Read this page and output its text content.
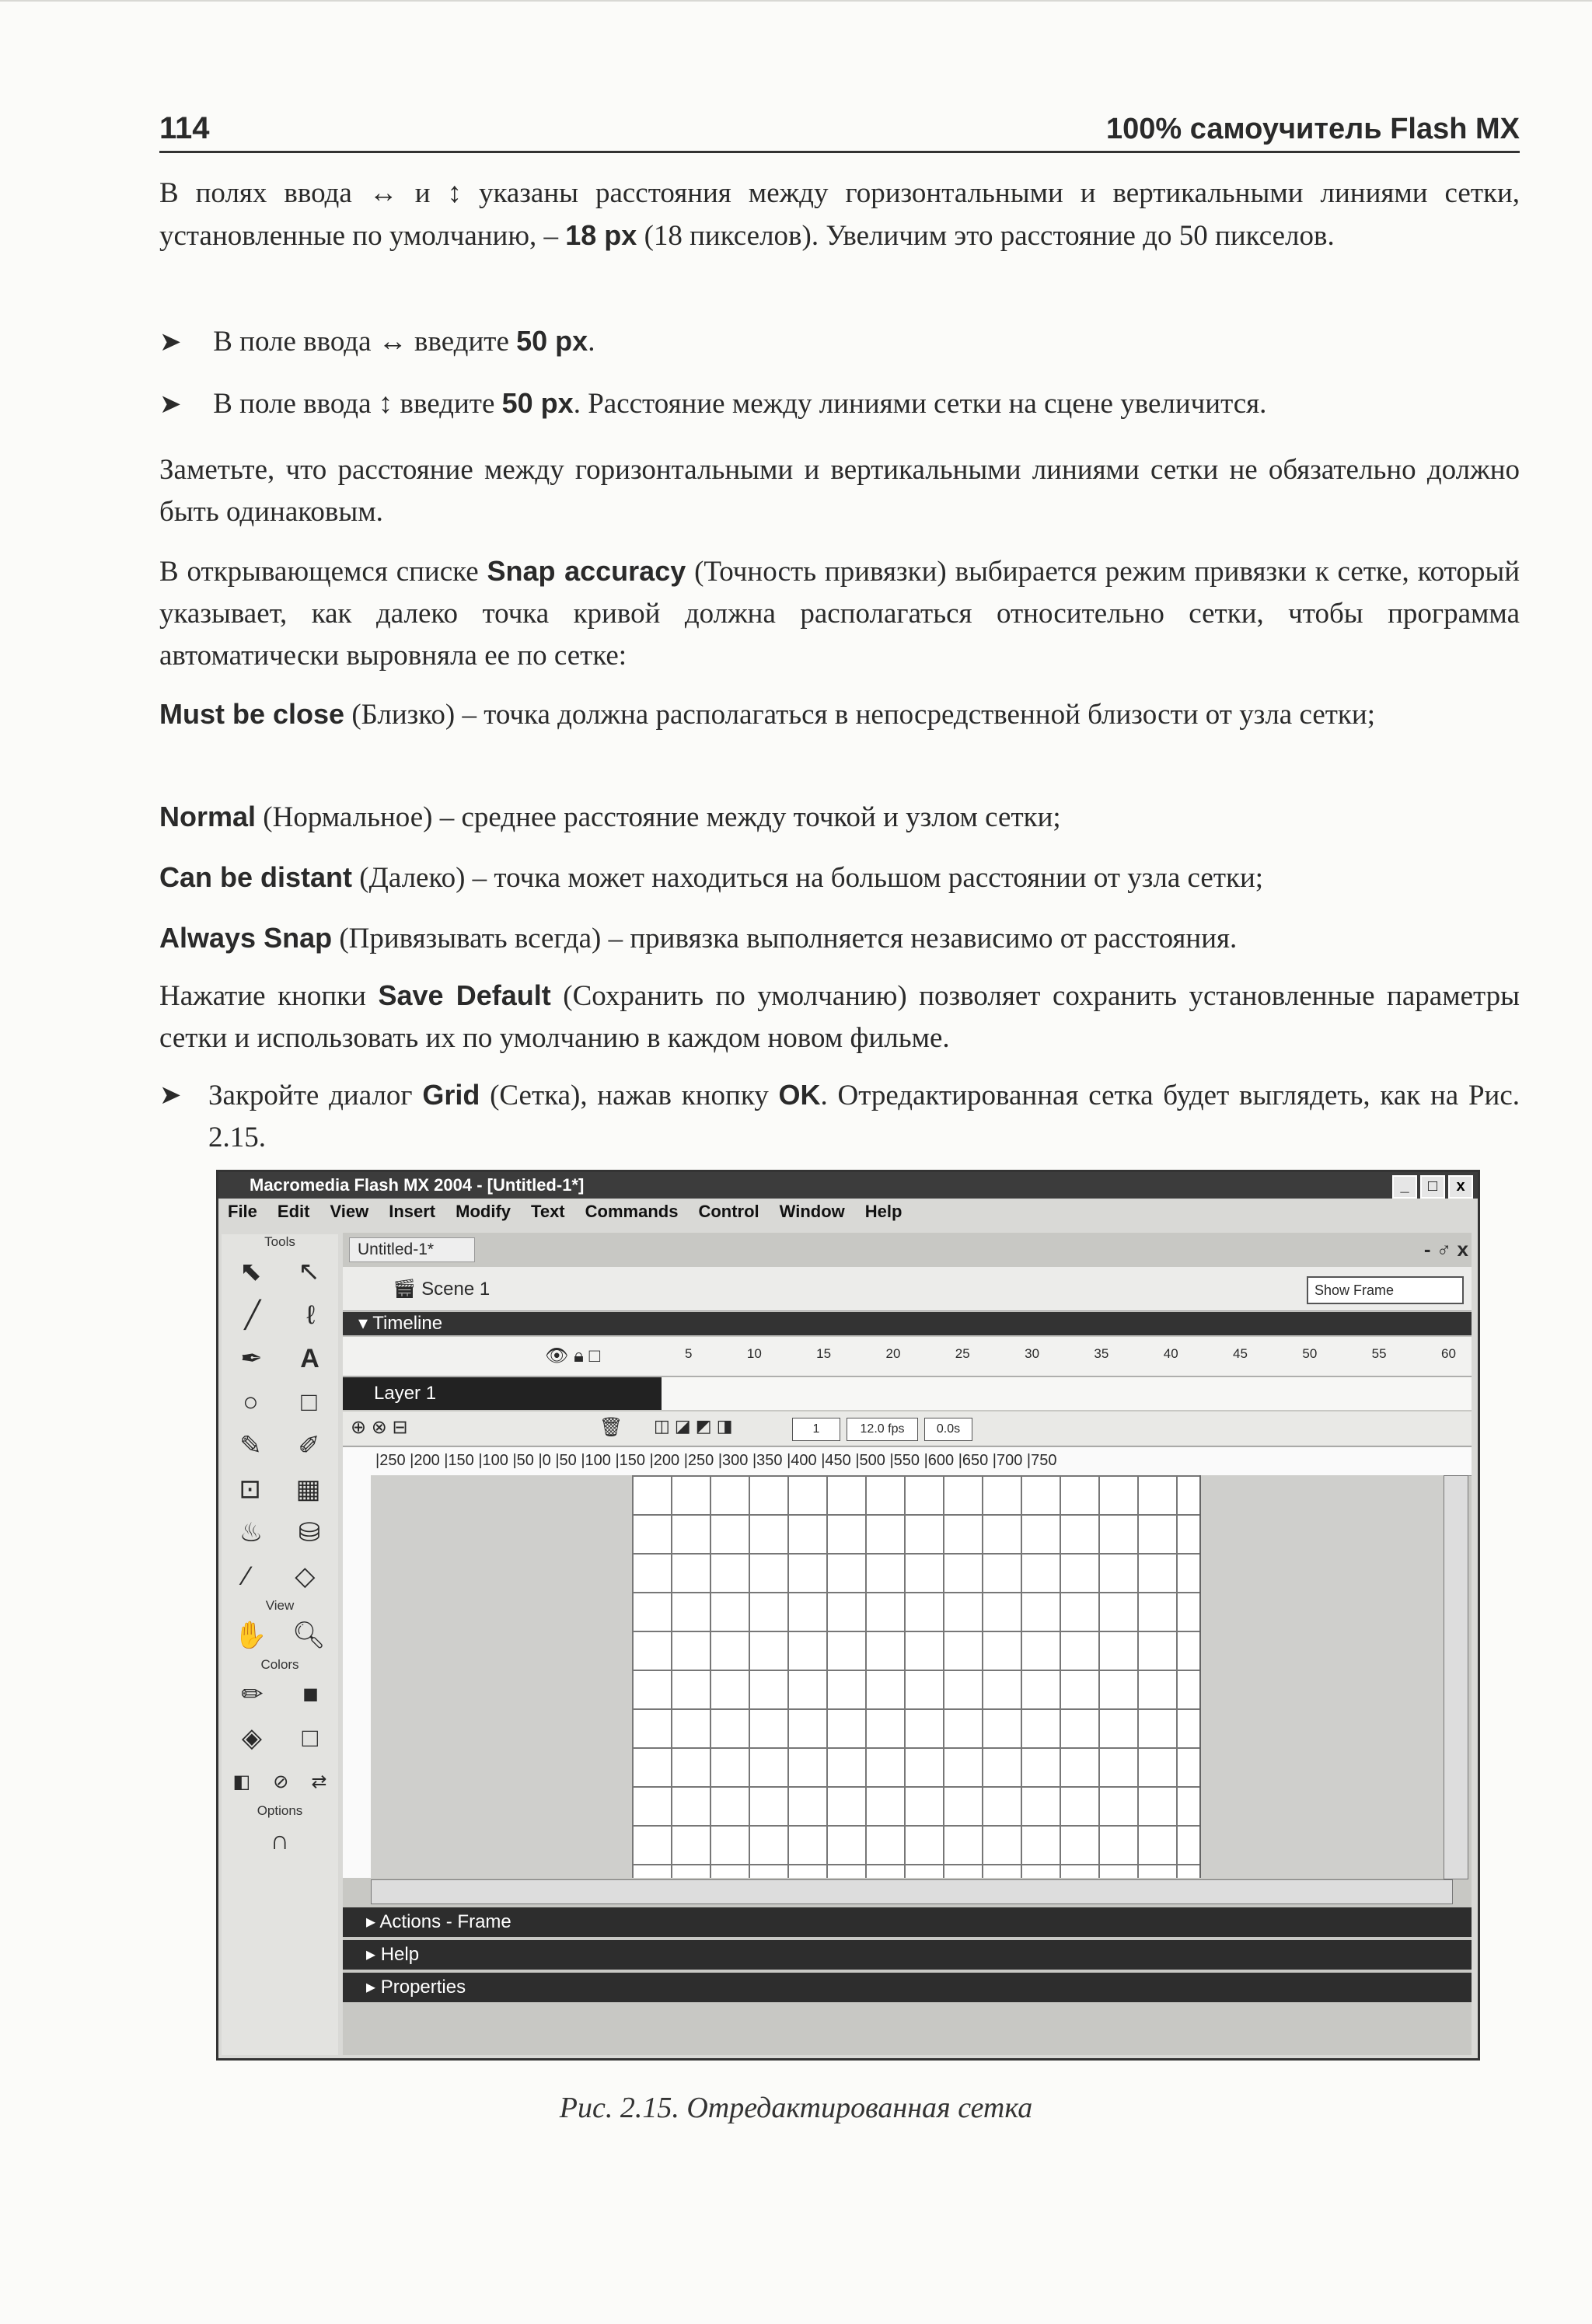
114	100% самоучитель Flash MX
В полях ввода ↔ и ↕ указаны расстояния между горизонтальными и вертикальными линиями сетки, установленные по умолчанию, – 18 px (18 пикселов). Увеличим это расстояние до 50 пикселов.
➤ В поле ввода ↔ введите 50 px.
➤ В поле ввода ↕ введите 50 px. Расстояние между линиями сетки на сцене увеличится.
Заметьте, что расстояние между горизонтальными и вертикальными линиями сетки не обязательно должно быть одинаковым.
В открывающемся списке Snap accuracy (Точность привязки) выбирается режим привязки к сетке, который указывает, как далеко точка кривой должна располагаться относительно сетки, чтобы программа автоматически выровняла ее по сетке:
Must be close (Близко) – точка должна располагаться в непосредственной близости от узла сетки;
Normal (Нормальное) – среднее расстояние между точкой и узлом сетки;
Can be distant (Далеко) – точка может находиться на большом расстоянии от узла сетки;
Always Snap (Привязывать всегда) – привязка выполняется независимо от расстояния.
Нажатие кнопки Save Default (Сохранить по умолчанию) позволяет сохранить установленные параметры сетки и использовать их по умолчанию в каждом новом фильме.
➤ Закройте диалог Grid (Сетка), нажав кнопку OK. Отредактированная сетка будет выглядеть, как на Рис. 2.15.
Macromedia Flash MX 2004 - [Untitled-1*]	_	□	x
File Edit View Insert Modify Text Commands Control Window Help
Tools
⬉ ↖
╱ ℓ
✒ A
○ □
✎ ✐
⊡ ▦
♨ ⛁
⁄ ◇
View
✋ 🔍︎
Colors
✏ ■
◈ □
◧ ⊘ ⇄
Options
∩
Untitled-1*	- ♂ x
🎬︎ Scene 1	Show Frame
▾ Timeline
👁︎ 🔒︎ □	5	10	15	20	25	30	35	40	45	50	55	60
Layer 1
⊕ ⊗ ⊟	🗑︎ ◫ ◪ ◩ ◨	1	12.0 fps	0.0s
|250 |200 |150 |100 |50 |0 |50 |100 |150 |200 |250 |300 |350 |400 |450 |500 |550 |600 |650 |700 |750
▸ Actions - Frame
▸ Help
▸ Properties
Рис. 2.15. Отредактированная сетка
